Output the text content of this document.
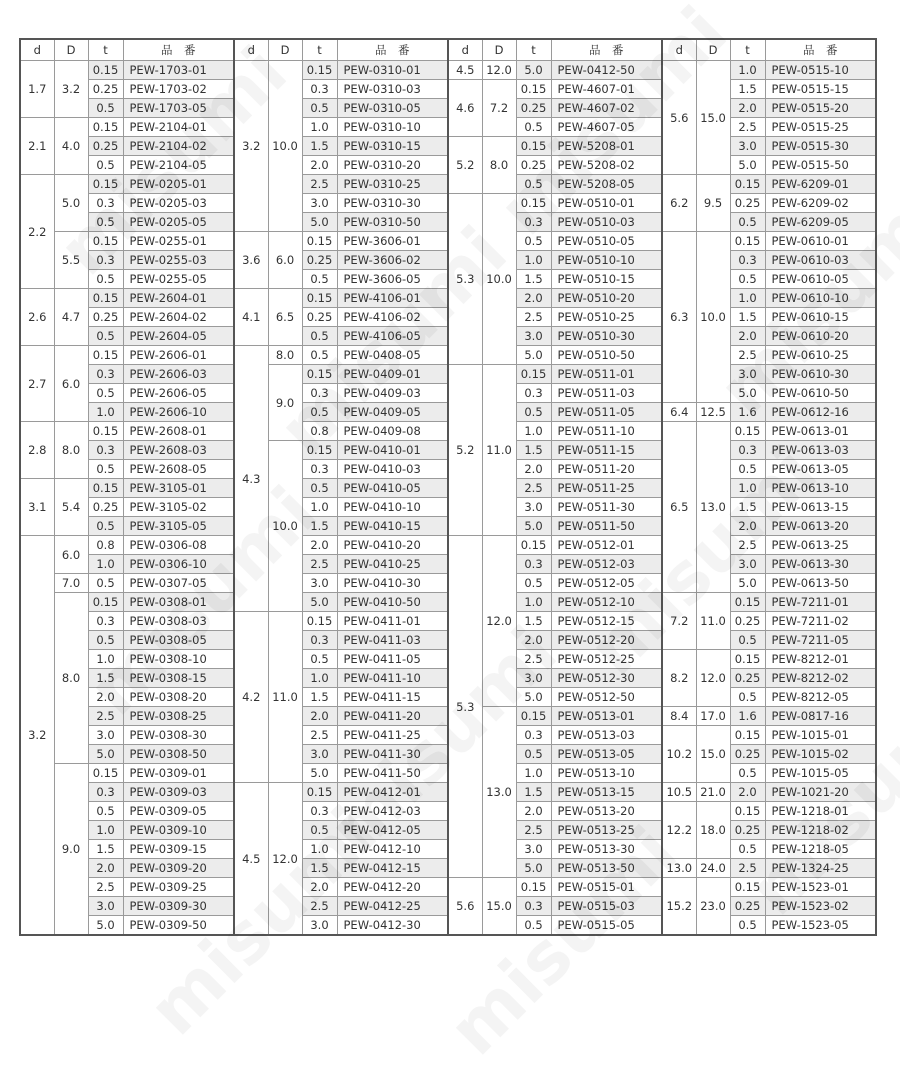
d	D	t	品　番	d	D	t	品　番	d	D	t	品　番	d	D	t	品　番
1.7	3.2	0.15	PEW-1703-01	3.2	10.0	0.15	PEW-0310-01	4.5	12.0	5.0	PEW-0412-50	5.6	15.0	1.0	PEW-0515-10
		0.25	PEW-1703-02			0.3	PEW-0310-03	4.6	7.2	0.15	PEW-4607-01			1.5	PEW-0515-15
		0.5	PEW-1703-05			0.5	PEW-0310-05			0.25	PEW-4607-02			2.0	PEW-0515-20
2.1	4.0	0.15	PEW-2104-01			1.0	PEW-0310-10			0.5	PEW-4607-05			2.5	PEW-0515-25
		0.25	PEW-2104-02			1.5	PEW-0310-15	5.2	8.0	0.15	PEW-5208-01			3.0	PEW-0515-30
		0.5	PEW-2104-05			2.0	PEW-0310-20			0.25	PEW-5208-02			5.0	PEW-0515-50
2.2	5.0	0.15	PEW-0205-01			2.5	PEW-0310-25			0.5	PEW-5208-05	6.2	9.5	0.15	PEW-6209-01
		0.3	PEW-0205-03			3.0	PEW-0310-30	5.3	10.0	0.15	PEW-0510-01			0.25	PEW-6209-02
		0.5	PEW-0205-05			5.0	PEW-0310-50			0.3	PEW-0510-03			0.5	PEW-6209-05
	5.5	0.15	PEW-0255-01	3.6	6.0	0.15	PEW-3606-01			0.5	PEW-0510-05	6.3	10.0	0.15	PEW-0610-01
		0.3	PEW-0255-03			0.25	PEW-3606-02			1.0	PEW-0510-10			0.3	PEW-0610-03
		0.5	PEW-0255-05			0.5	PEW-3606-05			1.5	PEW-0510-15			0.5	PEW-0610-05
2.6	4.7	0.15	PEW-2604-01	4.1	6.5	0.15	PEW-4106-01			2.0	PEW-0510-20			1.0	PEW-0610-10
		0.25	PEW-2604-02			0.25	PEW-4106-02			2.5	PEW-0510-25			1.5	PEW-0610-15
		0.5	PEW-2604-05			0.5	PEW-4106-05			3.0	PEW-0510-30			2.0	PEW-0610-20
2.7	6.0	0.15	PEW-2606-01	4.3	8.0	0.5	PEW-0408-05			5.0	PEW-0510-50			2.5	PEW-0610-25
		0.3	PEW-2606-03		9.0	0.15	PEW-0409-01	5.2	11.0	0.15	PEW-0511-01			3.0	PEW-0610-30
		0.5	PEW-2606-05			0.3	PEW-0409-03			0.3	PEW-0511-03			5.0	PEW-0610-50
		1.0	PEW-2606-10			0.5	PEW-0409-05			0.5	PEW-0511-05	6.4	12.5	1.6	PEW-0612-16
2.8	8.0	0.15	PEW-2608-01			0.8	PEW-0409-08			1.0	PEW-0511-10	6.5	13.0	0.15	PEW-0613-01
		0.3	PEW-2608-03		10.0	0.15	PEW-0410-01			1.5	PEW-0511-15			0.3	PEW-0613-03
		0.5	PEW-2608-05			0.3	PEW-0410-03			2.0	PEW-0511-20			0.5	PEW-0613-05
3.1	5.4	0.15	PEW-3105-01			0.5	PEW-0410-05			2.5	PEW-0511-25			1.0	PEW-0613-10
		0.25	PEW-3105-02			1.0	PEW-0410-10			3.0	PEW-0511-30			1.5	PEW-0613-15
		0.5	PEW-3105-05			1.5	PEW-0410-15			5.0	PEW-0511-50			2.0	PEW-0613-20
3.2	6.0	0.8	PEW-0306-08			2.0	PEW-0410-20	5.3	12.0	0.15	PEW-0512-01			2.5	PEW-0613-25
		1.0	PEW-0306-10			2.5	PEW-0410-25			0.3	PEW-0512-03			3.0	PEW-0613-30
	7.0	0.5	PEW-0307-05			3.0	PEW-0410-30			0.5	PEW-0512-05			5.0	PEW-0613-50
	8.0	0.15	PEW-0308-01			5.0	PEW-0410-50			1.0	PEW-0512-10	7.2	11.0	0.15	PEW-7211-01
		0.3	PEW-0308-03	4.2	11.0	0.15	PEW-0411-01			1.5	PEW-0512-15			0.25	PEW-7211-02
		0.5	PEW-0308-05			0.3	PEW-0411-03			2.0	PEW-0512-20			0.5	PEW-7211-05
		1.0	PEW-0308-10			0.5	PEW-0411-05			2.5	PEW-0512-25	8.2	12.0	0.15	PEW-8212-01
		1.5	PEW-0308-15			1.0	PEW-0411-10			3.0	PEW-0512-30			0.25	PEW-8212-02
		2.0	PEW-0308-20			1.5	PEW-0411-15			5.0	PEW-0512-50			0.5	PEW-8212-05
		2.5	PEW-0308-25			2.0	PEW-0411-20		13.0	0.15	PEW-0513-01	8.4	17.0	1.6	PEW-0817-16
		3.0	PEW-0308-30			2.5	PEW-0411-25			0.3	PEW-0513-03	10.2	15.0	0.15	PEW-1015-01
		5.0	PEW-0308-50			3.0	PEW-0411-30			0.5	PEW-0513-05			0.25	PEW-1015-02
	9.0	0.15	PEW-0309-01			5.0	PEW-0411-50			1.0	PEW-0513-10			0.5	PEW-1015-05
		0.3	PEW-0309-03	4.5	12.0	0.15	PEW-0412-01			1.5	PEW-0513-15	10.5	21.0	2.0	PEW-1021-20
		0.5	PEW-0309-05			0.3	PEW-0412-03			2.0	PEW-0513-20	12.2	18.0	0.15	PEW-1218-01
		1.0	PEW-0309-10			0.5	PEW-0412-05			2.5	PEW-0513-25			0.25	PEW-1218-02
		1.5	PEW-0309-15			1.0	PEW-0412-10			3.0	PEW-0513-30			0.5	PEW-1218-05
		2.0	PEW-0309-20			1.5	PEW-0412-15			5.0	PEW-0513-50	13.0	24.0	2.5	PEW-1324-25
		2.5	PEW-0309-25			2.0	PEW-0412-20	5.6	15.0	0.15	PEW-0515-01	15.2	23.0	0.15	PEW-1523-01
		3.0	PEW-0309-30			2.5	PEW-0412-25			0.3	PEW-0515-03			0.25	PEW-1523-02
		5.0	PEW-0309-50			3.0	PEW-0412-30			0.5	PEW-0515-05			0.5	PEW-1523-05
